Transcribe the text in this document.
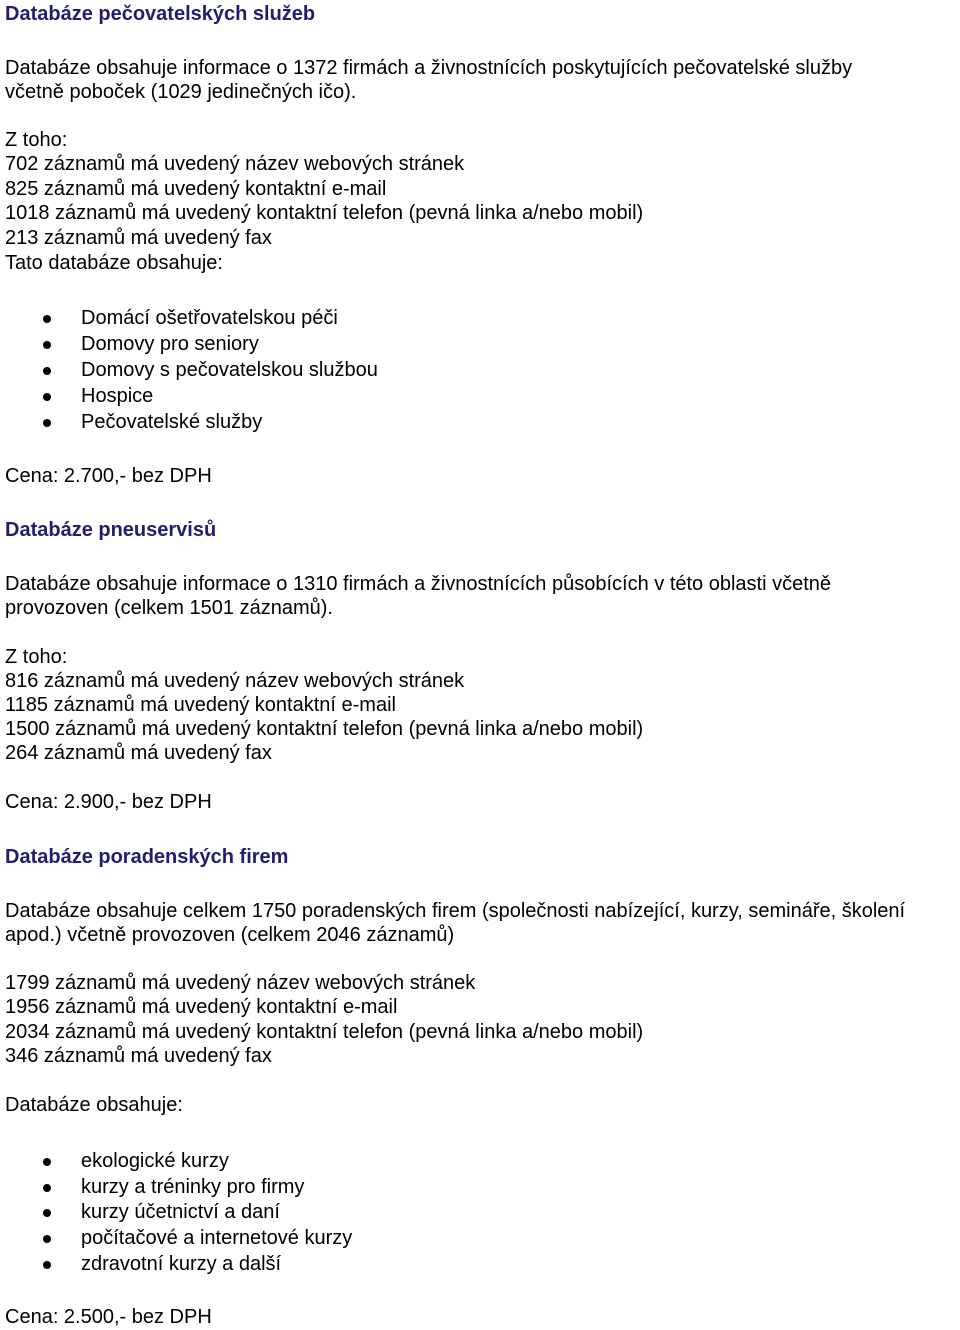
Databáze pečovatelských služeb
Databáze obsahuje informace o 1372 firmách a živnostnících poskytujících pečovatelské služby
včetně poboček (1029 jedinečných ičo).
Z toho:
702 záznamů má uvedený název webových stránek
825 záznamů má uvedený kontaktní e-mail
1018 záznamů má uvedený kontaktní telefon (pevná linka a/nebo mobil)
213 záznamů má uvedený fax
Tato databáze obsahuje:
Domácí ošetřovatelskou péči
Domovy pro seniory
Domovy s pečovatelskou službou
Hospice
Pečovatelské služby
Cena: 2.700,- bez DPH
Databáze pneuservisů
Databáze obsahuje informace o 1310 firmách a živnostnících působících v této oblasti včetně
provozoven (celkem 1501 záznamů).
Z toho:
816 záznamů má uvedený název webových stránek
1185 záznamů má uvedený kontaktní e-mail
1500 záznamů má uvedený kontaktní telefon (pevná linka a/nebo mobil)
264 záznamů má uvedený fax
Cena: 2.900,- bez DPH
Databáze poradenských firem
Databáze obsahuje celkem 1750 poradenských firem (společnosti nabízející, kurzy, semináře, školení
apod.) včetně provozoven (celkem 2046 záznamů)
1799 záznamů má uvedený název webových stránek
1956 záznamů má uvedený kontaktní e-mail
2034 záznamů má uvedený kontaktní telefon (pevná linka a/nebo mobil)
346 záznamů má uvedený fax
Databáze obsahuje:
ekologické kurzy
kurzy a tréninky pro firmy
kurzy účetnictví a daní
počítačové a internetové kurzy
zdravotní kurzy a další
Cena: 2.500,- bez DPH
